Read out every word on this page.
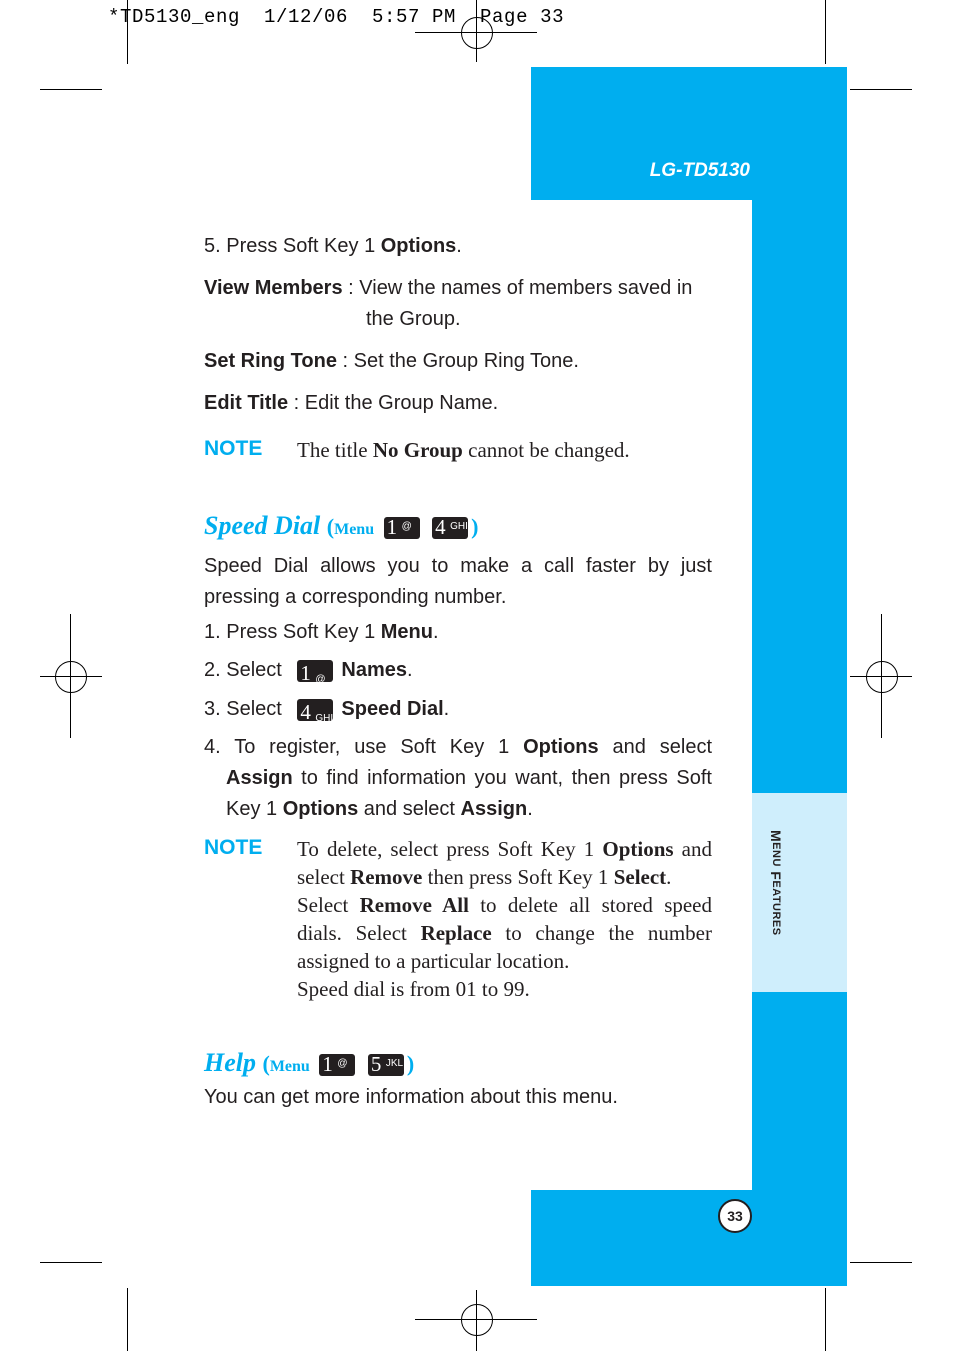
*TD5130_eng  1/12/06  5:57 PM  Page 33
LG-TD5130
MENU FEATURES
33
5. Press Soft Key 1 Options.
View Members : View the names of members saved in
the Group.
Set Ring Tone : Set the Group Ring Tone.
Edit Title : Edit the Group Name.
NOTE The title No Group cannot be changed.
Speed Dial (Menu 1 @
4 GHI )
Speed Dial allows you to make a call faster by just
pressing a corresponding number.
1. Press Soft Key 1 Menu.
2. Select 1 @ Names.
3. Select 4 GHI Speed Dial.
4. To register, use Soft Key 1 Options and select
Assign to find information you want, then press Soft
Key 1 Options and select Assign.
NOTE To delete, select press Soft Key 1 Options and
select Remove then press Soft Key 1 Select.
Select Remove All to delete all stored speed
dials. Select Replace to change the number
assigned to a particular location.
Speed dial is from 01 to 99.
Help (Menu 1 @
5 JKL )
You can get more information about this menu.
